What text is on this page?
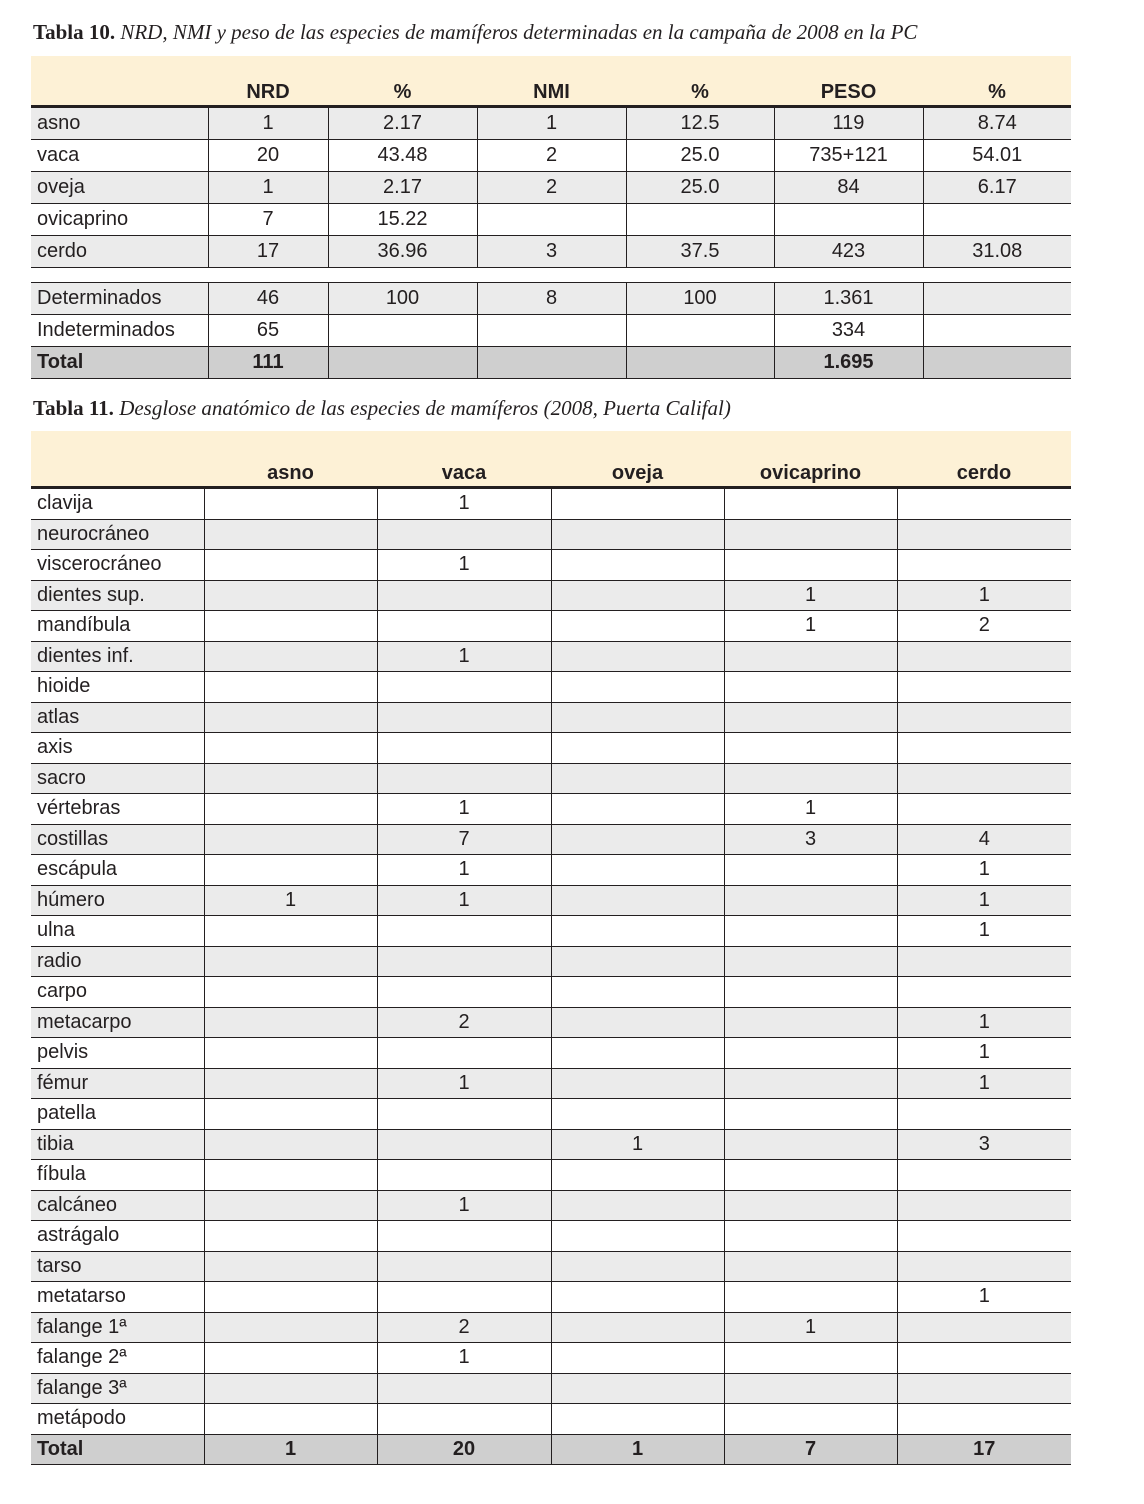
Tabla 10. NRD, NMI y peso de las especies de mamíferos determinadas en la campaña de 2008 en la PC
	NRD	%	NMI	%	PESO	%
asno	1	2.17	1	12.5	119	8.74
vaca	20	43.48	2	25.0	735+121	54.01
oveja	1	2.17	2	25.0	84	6.17
ovicaprino	7	15.22				
cerdo	17	36.96	3	37.5	423	31.08

Determinados	46	100	8	100	1.361	
Indeterminados	65				334	
Total	111				1.695	
Tabla 11. Desglose anatómico de las especies de mamíferos (2008, Puerta Califal)
	asno	vaca	oveja	ovicaprino	cerdo
clavija		1			
neurocráneo					
viscerocráneo		1			
dientes sup.				1	1
mandíbula				1	2
dientes inf.		1			
hioide					
atlas					
axis					
sacro					
vértebras		1		1	
costillas		7		3	4
escápula		1			1
húmero	1	1			1
ulna					1
radio					
carpo					
metacarpo		2			1
pelvis					1
fémur		1			1
patella					
tibia			1		3
fíbula					
calcáneo		1			
astrágalo					
tarso					
metatarso					1
falange 1ª		2		1	
falange 2ª		1			
falange 3ª					
metápodo					
Total	1	20	1	7	17
